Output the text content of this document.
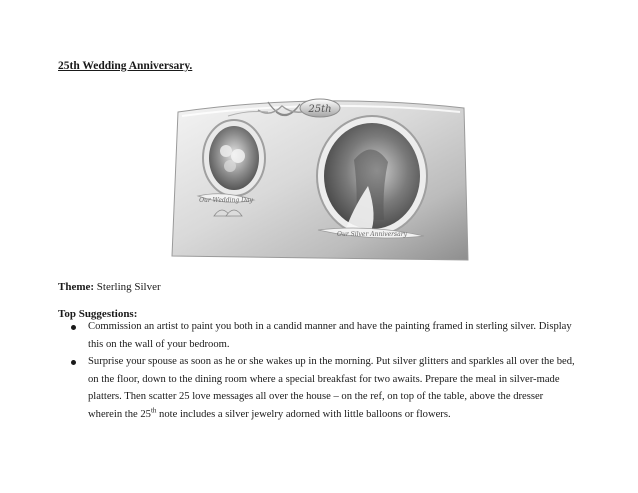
25th Wedding Anniversary.
25th
Our Wedding Day
Our Silver Anniversary
Theme: Sterling Silver
Top Suggestions:
Commission an artist to paint you both in a candid manner and have the painting framed in sterling silver. Display this on the wall of your bedroom.
Surprise your spouse as soon as he or she wakes up in the morning. Put silver glitters and sparkles all over the bed, on the floor, down to the dining room where a special breakfast for two awaits. Prepare the meal in silver-made platters. Then scatter 25 love messages all over the house – on the ref, on top of the table, above the dresser wherein the 25th note includes a silver jewelry adorned with little balloons or flowers.
